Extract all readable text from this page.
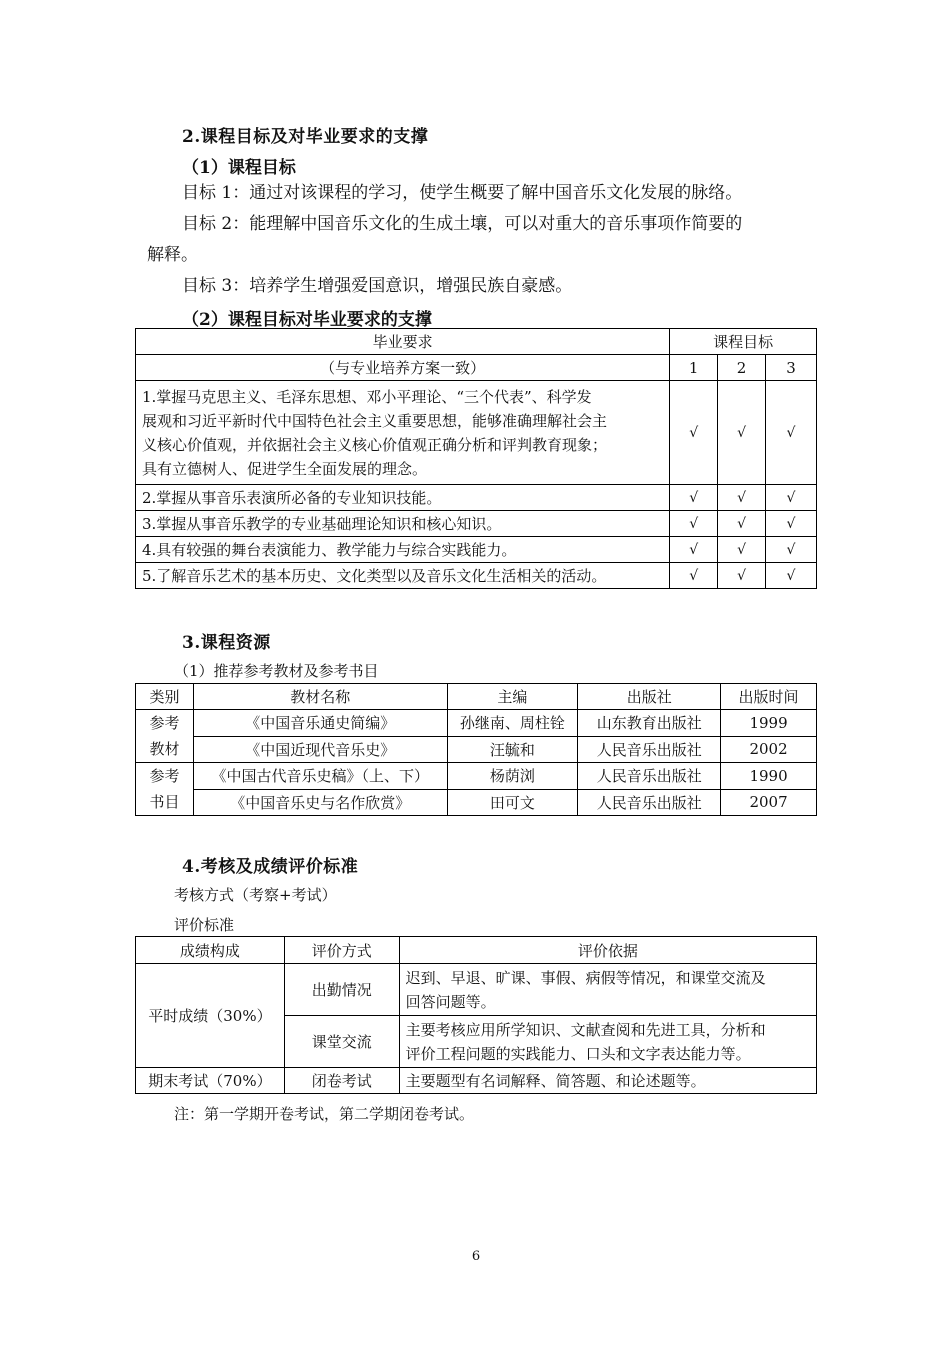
2.课程目标及对毕业要求的支撑
（1）课程目标
目标 1：通过对该课程的学习，使学生概要了解中国音乐文化发展的脉络。
目标 2：能理解中国音乐文化的生成土壤，可以对重大的音乐事项作简要的
解释。
目标 3：培养学生增强爱国意识，增强民族自豪感。
（2）课程目标对毕业要求的支撑
毕业要求	课程目标		
（与专业培养方案一致）	1	2	3

1.掌握马克思主义、毛泽东思想、邓小平理论、“三个代表”、科学发
展观和习近平新时代中国特色社会主义重要思想，能够准确理解社会主
义核心价值观，并依据社会主义核心价值观正确分析和评判教育现象；
具有立德树人、促进学生全面发展的理念。	√	√	√
2.掌握从事音乐表演所必备的专业知识技能。	√	√	√
3.掌握从事音乐教学的专业基础理论知识和核心知识。	√	√	√
4.具有较强的舞台表演能力、教学能力与综合实践能力。	√	√	√
5.了解音乐艺术的基本历史、文化类型以及音乐文化生活相关的活动。	√	√	√
3.课程资源
（1）推荐参考教材及参考书目
类别	教材名称	主编	出版社	出版时间

参考
教材	《中国音乐通史简编》	孙继南、周柱铨	山东教育出版社	1999
	《中国近现代音乐史》	汪毓和	人民音乐出版社	2002

参考
书目	《中国古代音乐史稿》（上、下）	杨荫浏	人民音乐出版社	1990
	《中国音乐史与名作欣赏》	田可文	人民音乐出版社	2007
4.考核及成绩评价标准
考核方式（考察+考试）
评价标准
成绩构成	评价方式	评价依据
平时成绩（30%）	出勤情况	迟到、早退、旷课、事假、病假等情况，和课堂交流及
回答问题等。

	课堂交流	主要考核应用所学知识、文献查阅和先进工具，分析和
评价工程问题的实践能力、口头和文字表达能力等。

期末考试（70%）	闭卷考试	主要题型有名词解释、简答题、和论述题等。
注：第一学期开卷考试，第二学期闭卷考试。
6
